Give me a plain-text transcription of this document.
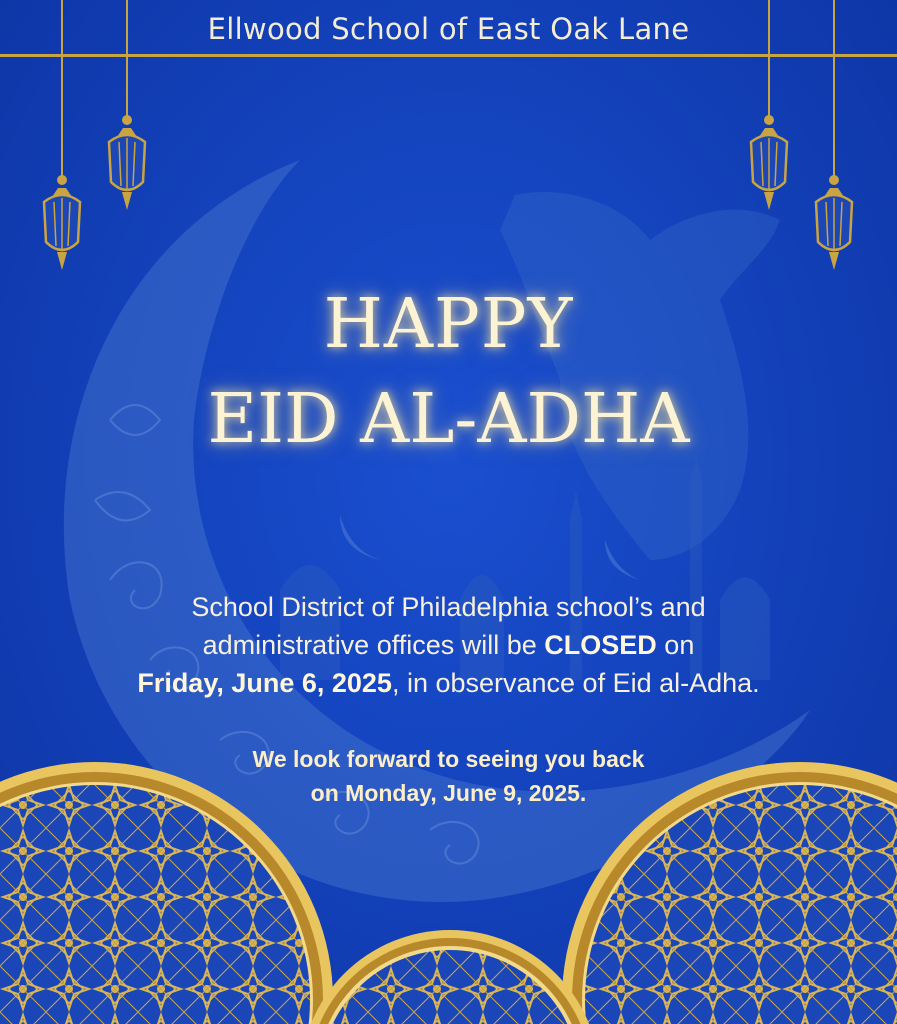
Ellwood School of East Oak Lane
HAPPY
EID AL-ADHA
School District of Philadelphia school’s and
administrative offices will be CLOSED on
Friday, June 6, 2025, in observance of Eid al-Adha.
We look forward to seeing you back
on Monday, June 9, 2025.
